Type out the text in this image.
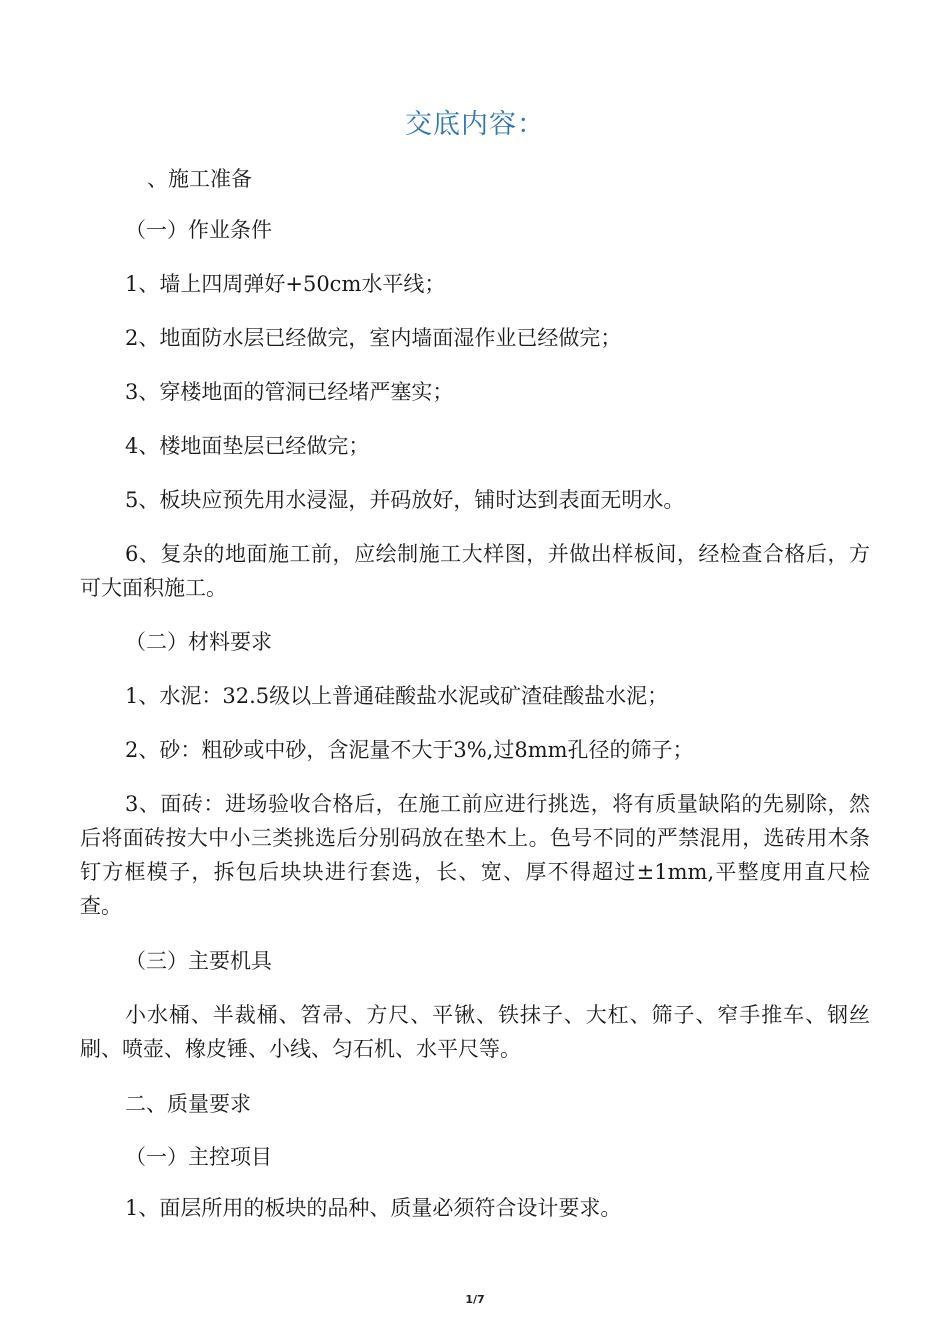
交底内容：
、施工准备
（一）作业条件
1、墙上四周弹好+50cm水平线；
2、地面防水层已经做完，室内墙面湿作业已经做完；
3、穿楼地面的管洞已经堵严塞实；
4、楼地面垫层已经做完；
5、板块应预先用水浸湿，并码放好，铺时达到表面无明水。
6、复杂的地面施工前，应绘制施工大样图，并做出样板间，经检查合格后，方可大面积施工。
（二）材料要求
1、水泥：32.5级以上普通硅酸盐水泥或矿渣硅酸盐水泥；
2、砂：粗砂或中砂，含泥量不大于3%,过8mm孔径的筛子；
3、面砖：进场验收合格后，在施工前应进行挑选，将有质量缺陷的先剔除，然后将面砖按大中小三类挑选后分别码放在垫木上。色号不同的严禁混用，选砖用木条钉方框模子，拆包后块块进行套选，长、宽、厚不得超过±1mm,平整度用直尺检查。
（三）主要机具
小水桶、半裁桶、笤帚、方尺、平锹、铁抹子、大杠、筛子、窄手推车、钢丝刷、喷壶、橡皮锤、小线、匀石机、水平尺等。
二、质量要求
（一）主控项目
1、面层所用的板块的品种、质量必须符合设计要求。
1/7
